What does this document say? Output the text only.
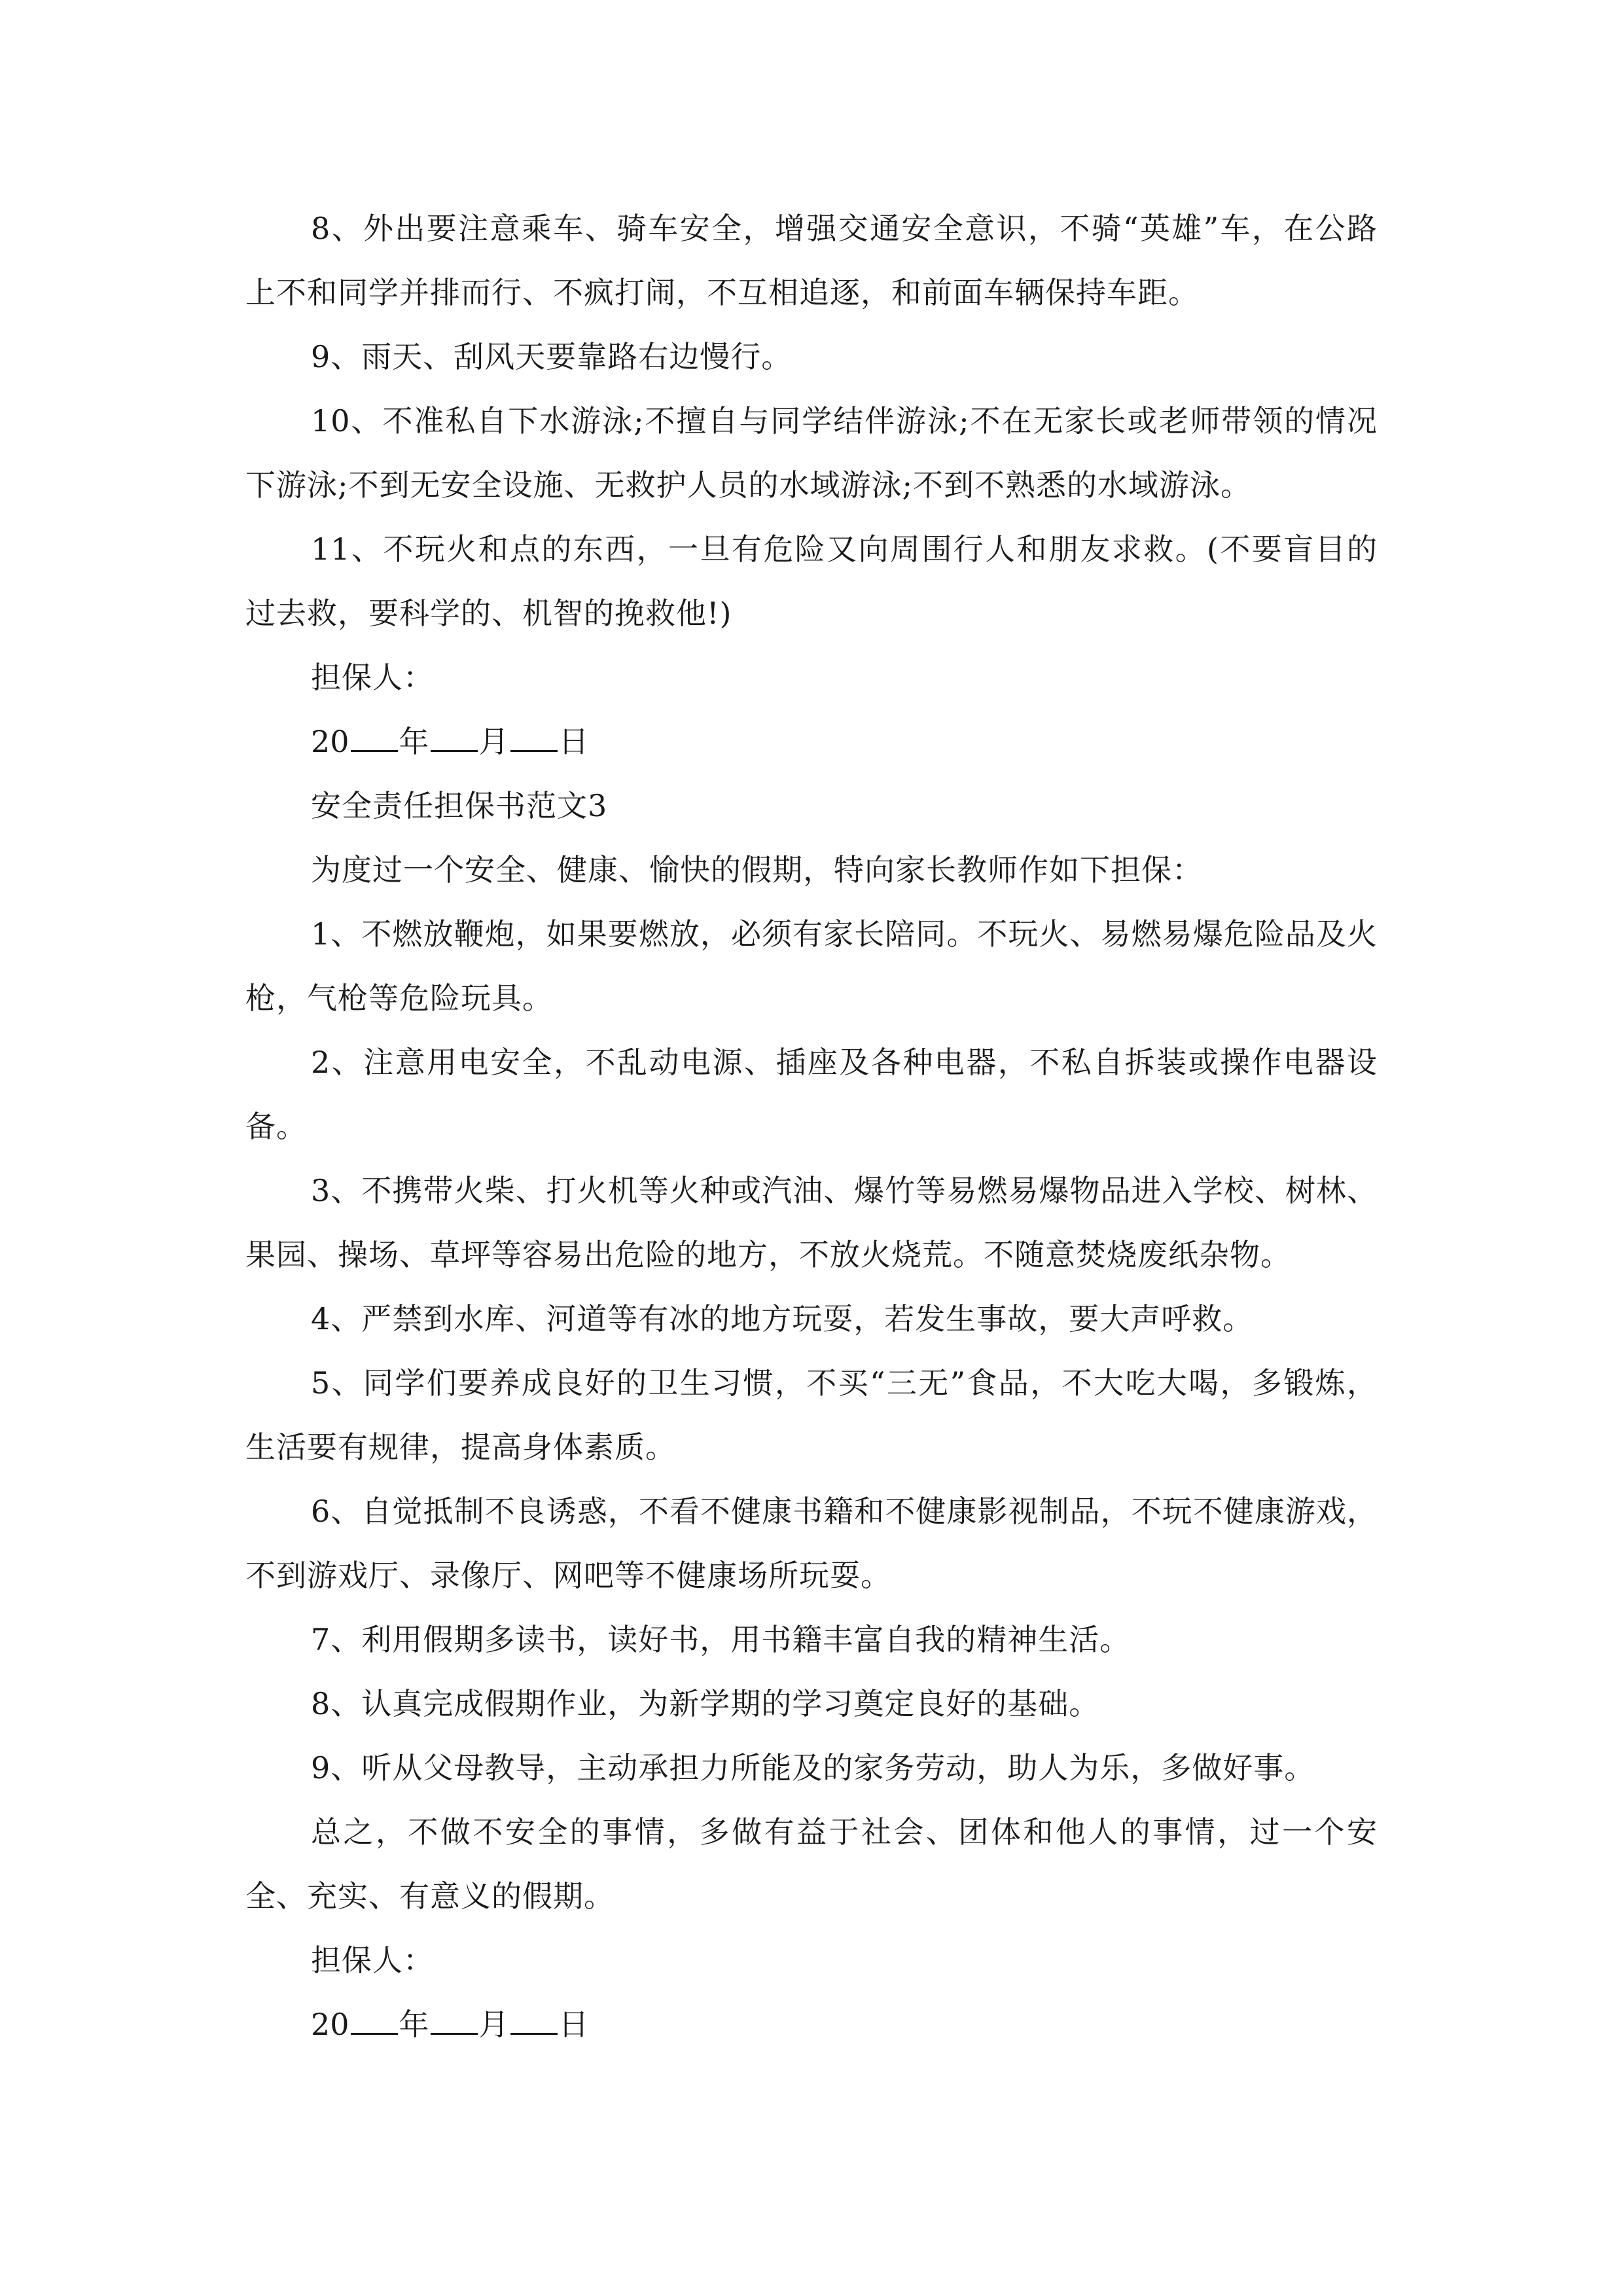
8、外出要注意乘车、骑车安全，增强交通安全意识，不骑“英雄”车，在公路上不和同学并排而行、不疯打闹，不互相追逐，和前面车辆保持车距。

9、雨天、刮风天要靠路右边慢行。

10、不准私自下水游泳;不擅自与同学结伴游泳;不在无家长或老师带领的情况下游泳;不到无安全设施、无救护人员的水域游泳;不到不熟悉的水域游泳。

11、不玩火和点的东西，一旦有危险又向周围行人和朋友求救。(不要盲目的过去救，要科学的、机智的挽救他!)

担保人：

20 年 月 日

安全责任担保书范文3

为度过一个安全、健康、愉快的假期，特向家长教师作如下担保：

1、不燃放鞭炮，如果要燃放，必须有家长陪同。不玩火、易燃易爆危险品及火枪，气枪等危险玩具。

2、注意用电安全，不乱动电源、插座及各种电器，不私自拆装或操作电器设备。

3、不携带火柴、打火机等火种或汽油、爆竹等易燃易爆物品进入学校、树林、果园、操场、草坪等容易出危险的地方，不放火烧荒。不随意焚烧废纸杂物。

4、严禁到水库、河道等有冰的地方玩耍，若发生事故，要大声呼救。

5、同学们要养成良好的卫生习惯，不买“三无”食品，不大吃大喝，多锻炼，生活要有规律，提高身体素质。

6、自觉抵制不良诱惑，不看不健康书籍和不健康影视制品，不玩不健康游戏，不到游戏厅、录像厅、网吧等不健康场所玩耍。

7、利用假期多读书，读好书，用书籍丰富自我的精神生活。

8、认真完成假期作业，为新学期的学习奠定良好的基础。

9、听从父母教导，主动承担力所能及的家务劳动，助人为乐，多做好事。

总之，不做不安全的事情，多做有益于社会、团体和他人的事情，过一个安全、充实、有意义的假期。

担保人：

20 年 月 日
